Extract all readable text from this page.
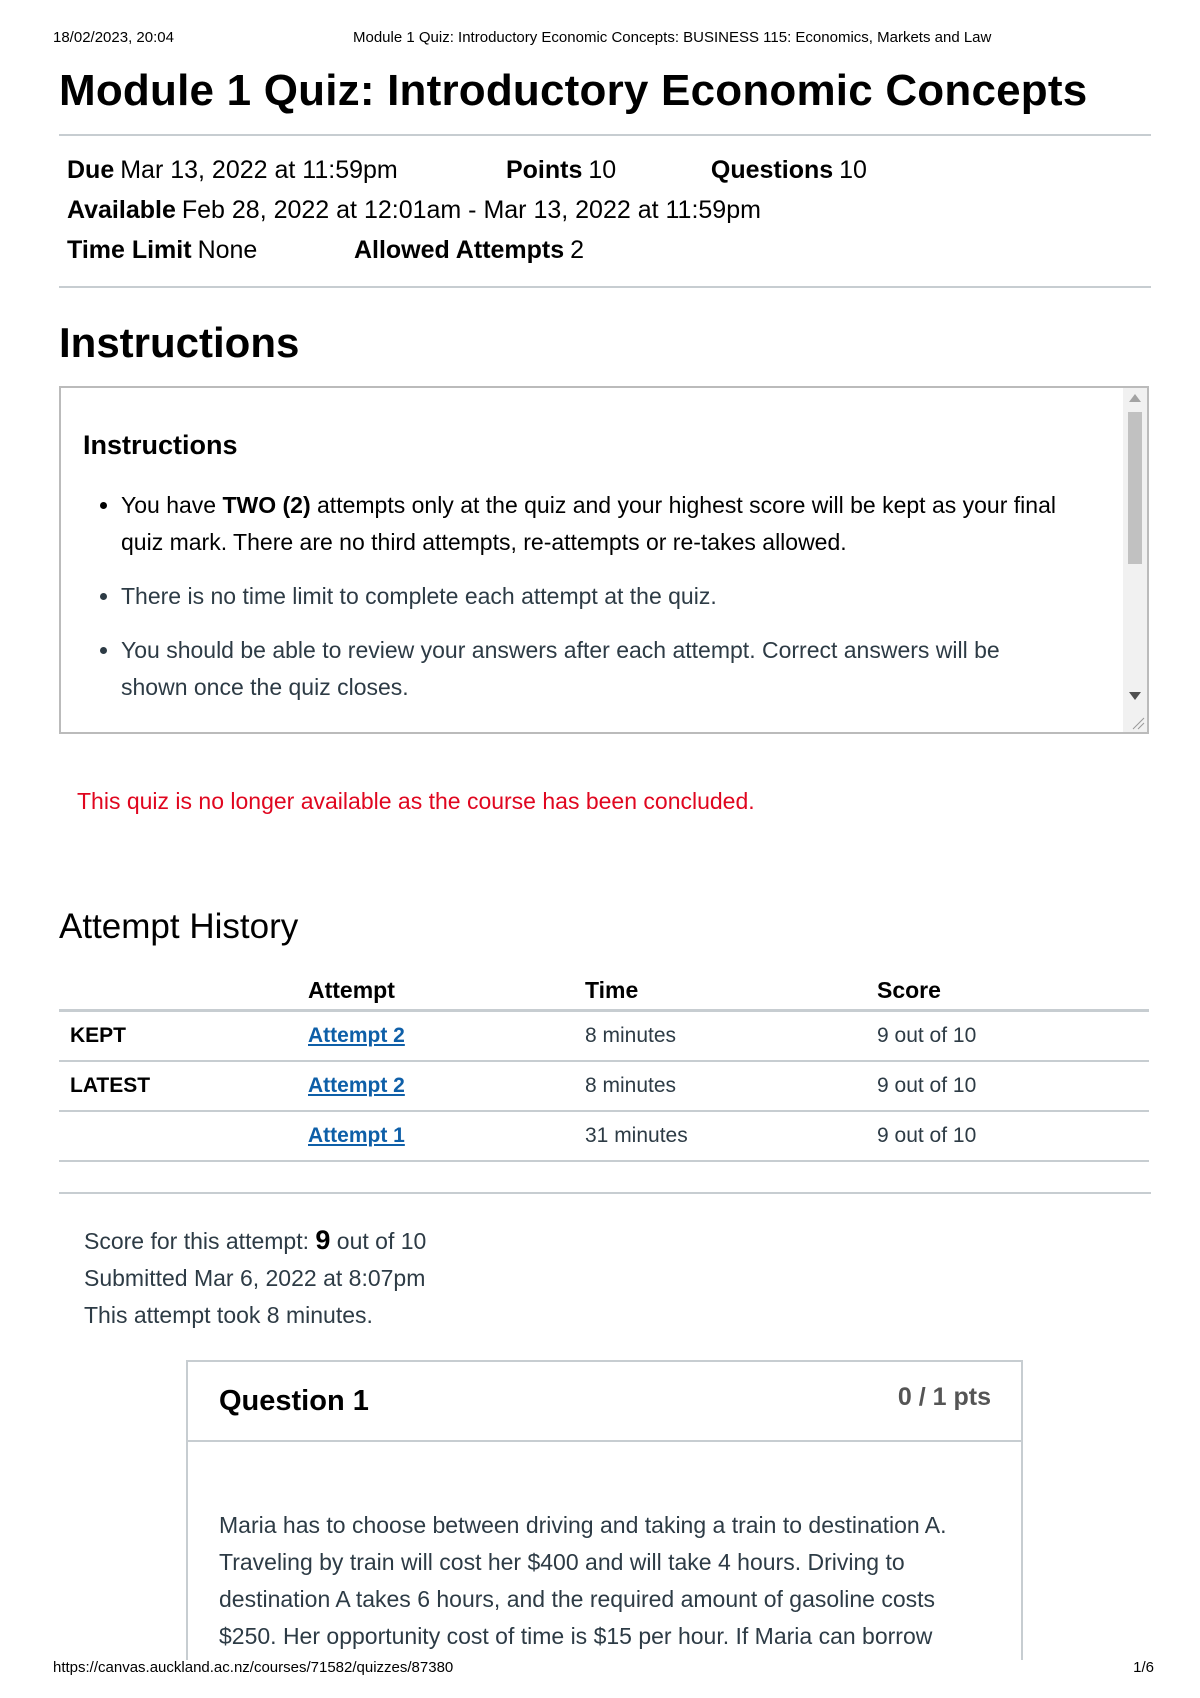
18/02/2023, 20:04	Module 1 Quiz: Introductory Economic Concepts: BUSINESS 115: Economics, Markets and Law
Module 1 Quiz: Introductory Economic Concepts
Due Mar 13, 2022 at 11:59pm	Points 10	Questions 10
Available Feb 28, 2022 at 12:01am - Mar 13, 2022 at 11:59pm
Time Limit None	Allowed Attempts 2
Instructions
Instructions
• You have TWO (2) attempts only at the quiz and your highest score will be kept as your final quiz mark. There are no third attempts, re-attempts or re-takes allowed.
• There is no time limit to complete each attempt at the quiz.
• You should be able to review your answers after each attempt. Correct answers will be shown once the quiz closes.
This quiz is no longer available as the course has been concluded.
Attempt History
	Attempt	Time	Score
KEPT	Attempt 2	8 minutes	9 out of 10
LATEST	Attempt 2	8 minutes	9 out of 10
	Attempt 1	31 minutes	9 out of 10
Score for this attempt: 9 out of 10
Submitted Mar 6, 2022 at 8:07pm
This attempt took 8 minutes.
Question 1	0 / 1 pts
Maria has to choose between driving and taking a train to destination A. Traveling by train will cost her $400 and will take 4 hours. Driving to destination A takes 6 hours, and the required amount of gasoline costs $250. Her opportunity cost of time is $15 per hour. If Maria can borrow
https://canvas.auckland.ac.nz/courses/71582/quizzes/87380	1/6
